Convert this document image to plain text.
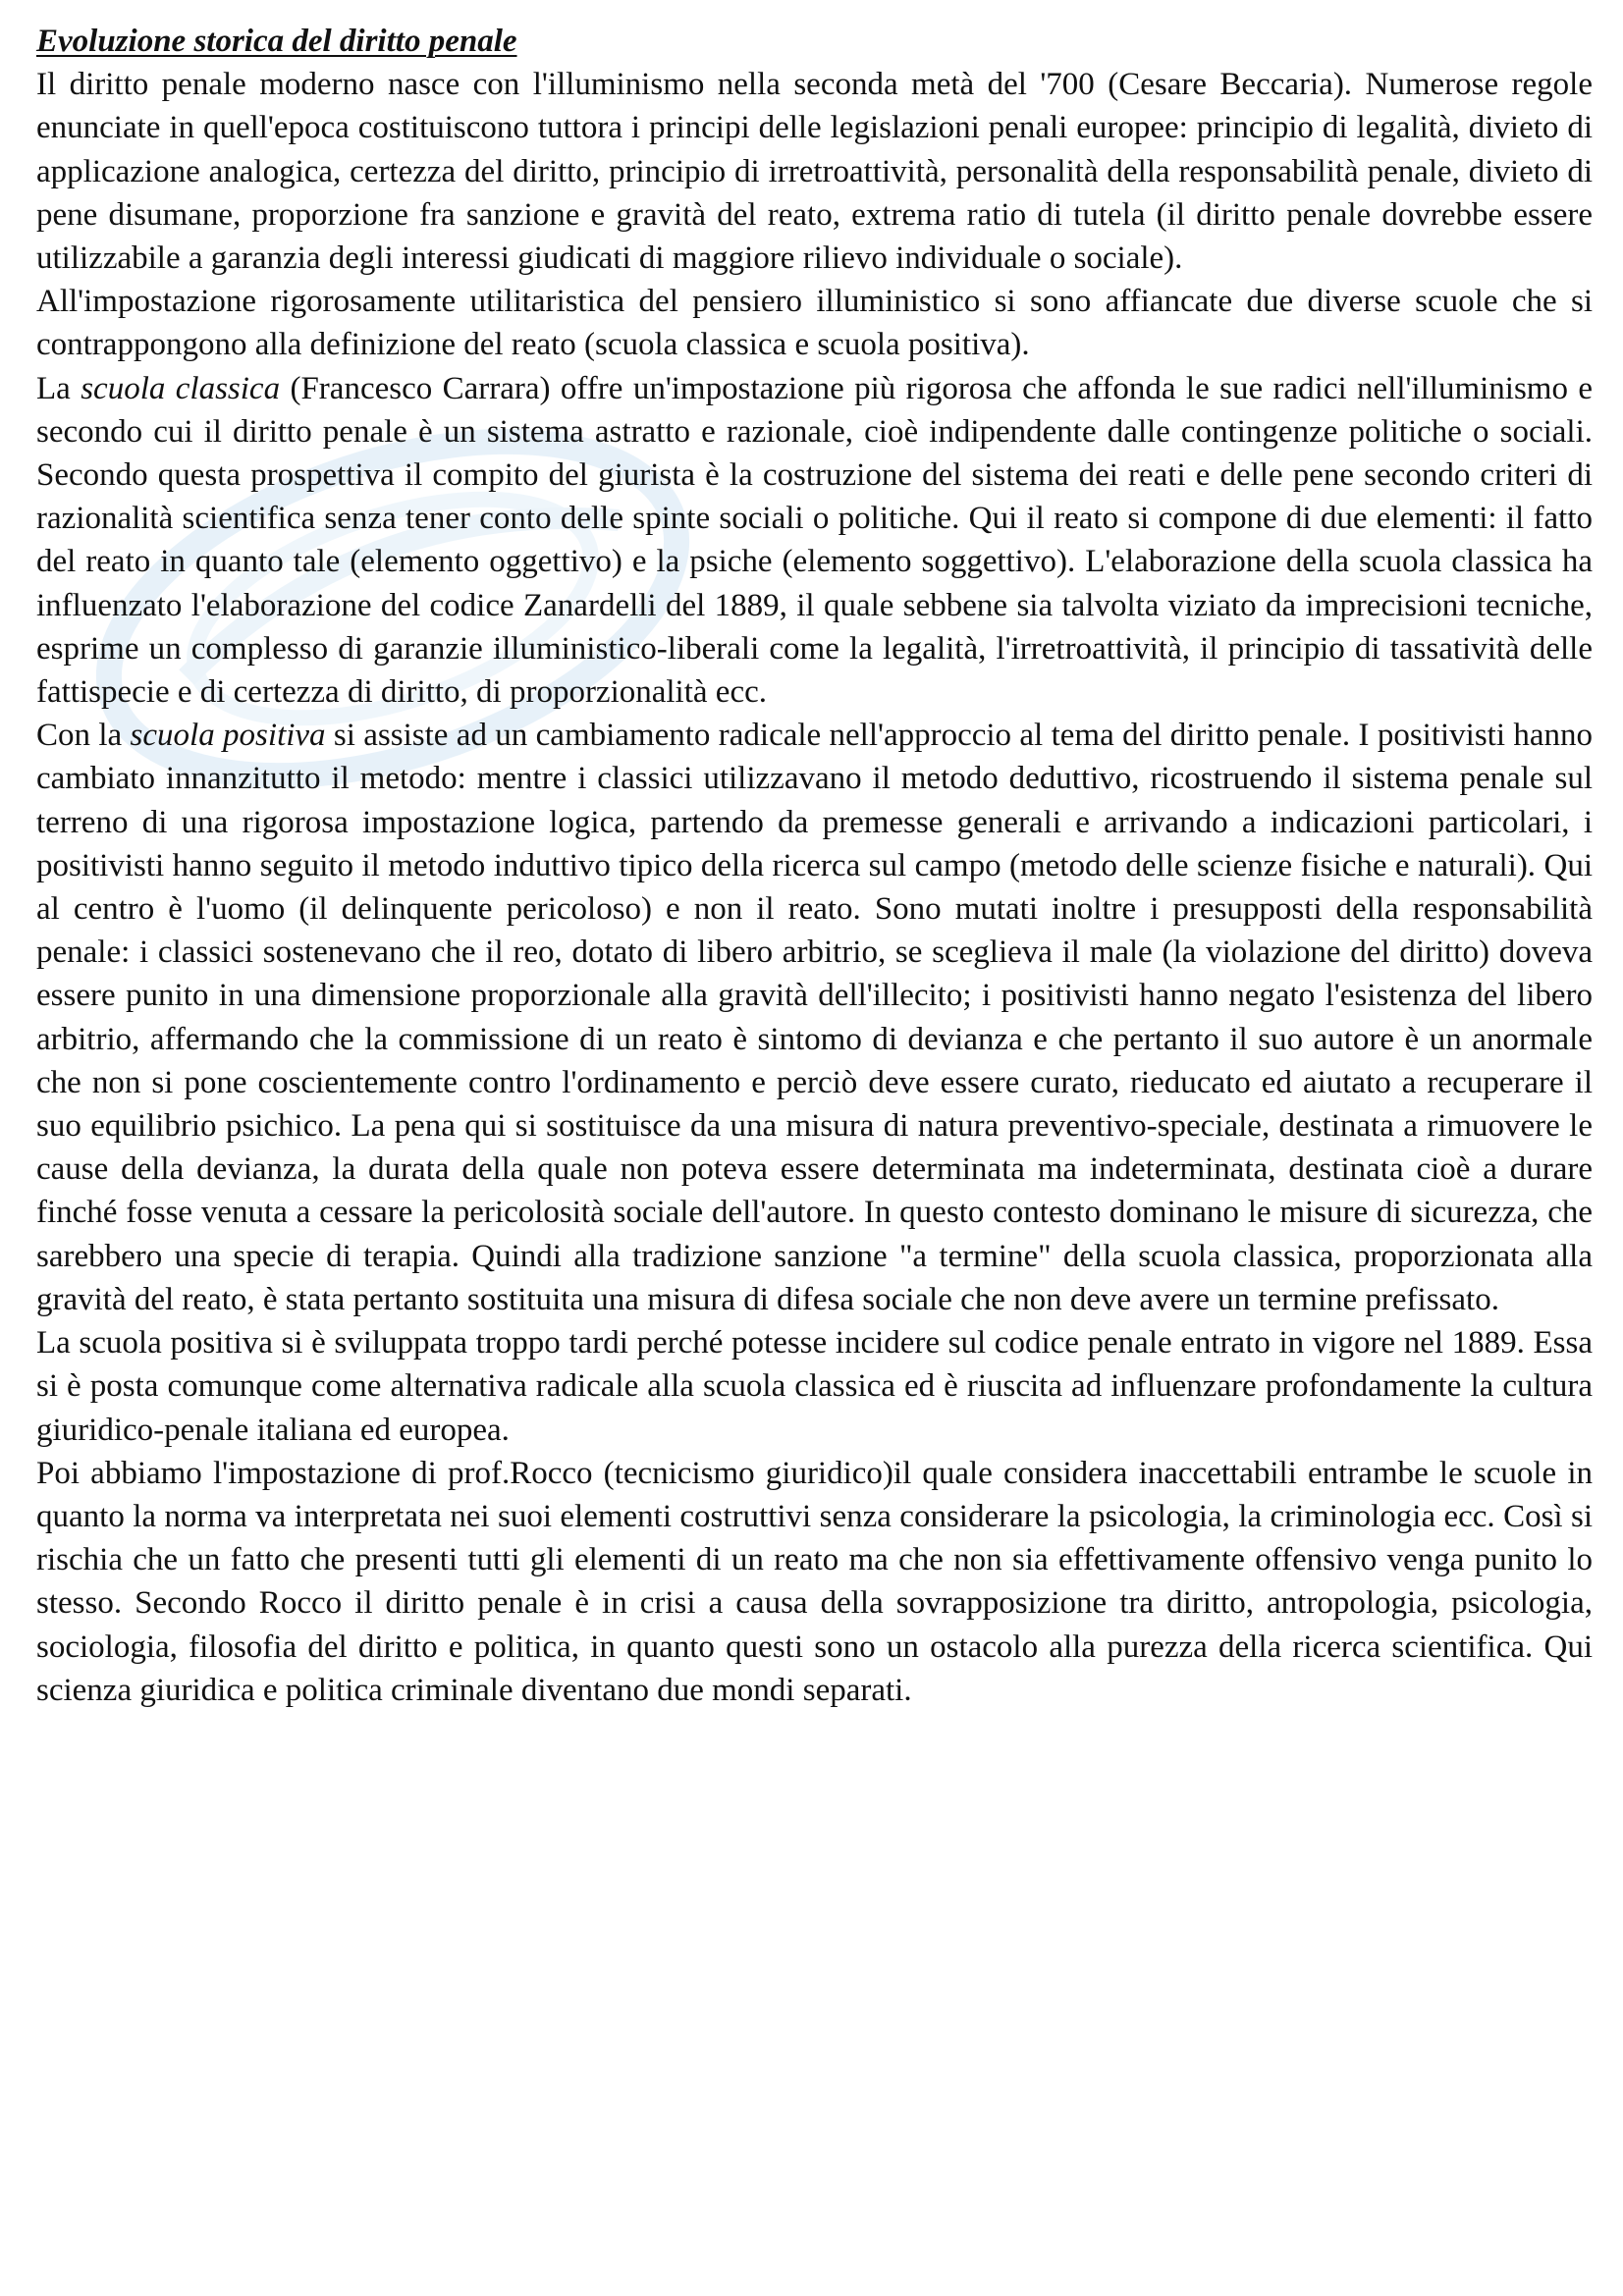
Evoluzione storica del diritto penale

Il diritto penale moderno nasce con l'illuminismo nella seconda metà del '700 (Cesare Beccaria). Numerose regole enunciate in quell'epoca costituiscono tuttora i principi delle legislazioni penali europee: principio di legalità, divieto di applicazione analogica, certezza del diritto, principio di irretroattività, personalità della responsabilità penale, divieto di pene disumane, proporzione fra sanzione e gravità del reato, extrema ratio di tutela (il diritto penale dovrebbe essere utilizzabile a garanzia degli interessi giudicati di maggiore rilievo individuale o sociale).

All'impostazione rigorosamente utilitaristica del pensiero illuministico si sono affiancate due diverse scuole che si contrappongono alla definizione del reato (scuola classica e scuola positiva).

La scuola classica (Francesco Carrara) offre un'impostazione più rigorosa che affonda le sue radici nell'illuminismo e secondo cui il diritto penale è un sistema astratto e razionale, cioè indipendente dalle contingenze politiche o sociali. Secondo questa prospettiva il compito del giurista è la costruzione del sistema dei reati e delle pene secondo criteri di razionalità scientifica senza tener conto delle spinte sociali o politiche. Qui il reato si compone di due elementi: il fatto del reato in quanto tale (elemento oggettivo) e la psiche (elemento soggettivo). L'elaborazione della scuola classica ha influenzato l'elaborazione del codice Zanardelli del 1889, il quale sebbene sia talvolta viziato da imprecisioni tecniche, esprime un complesso di garanzie illuministico-liberali come la legalità, l'irretroattività, il principio di tassatività delle fattispecie e di certezza di diritto, di proporzionalità ecc.

Con la scuola positiva si assiste ad un cambiamento radicale nell'approccio al tema del diritto penale. I positivisti hanno cambiato innanzitutto il metodo: mentre i classici utilizzavano il metodo deduttivo, ricostruendo il sistema penale sul terreno di una rigorosa impostazione logica, partendo da premesse generali e arrivando a indicazioni particolari, i positivisti hanno seguito il metodo induttivo tipico della ricerca sul campo (metodo delle scienze fisiche e naturali). Qui al centro è l'uomo (il delinquente pericoloso) e non il reato. Sono mutati inoltre i presupposti della responsabilità penale: i classici sostenevano che il reo, dotato di libero arbitrio, se sceglieva il male (la violazione del diritto) doveva essere punito in una dimensione proporzionale alla gravità dell'illecito; i positivisti hanno negato l'esistenza del libero arbitrio, affermando che la commissione di un reato è sintomo di devianza e che pertanto il suo autore è un anormale che non si pone coscientemente contro l'ordinamento e perciò deve essere curato, rieducato ed aiutato a recuperare il suo equilibrio psichico. La pena qui si sostituisce da una misura di natura preventivo-speciale, destinata a rimuovere le cause della devianza, la durata della quale non poteva essere determinata ma indeterminata, destinata cioè a durare finché fosse venuta a cessare la pericolosità sociale dell'autore. In questo contesto dominano le misure di sicurezza, che sarebbero una specie di terapia. Quindi alla tradizione sanzione "a termine" della scuola classica, proporzionata alla gravità del reato, è stata pertanto sostituita una misura di difesa sociale che non deve avere un termine prefissato.

La scuola positiva si è sviluppata troppo tardi perché potesse incidere sul codice penale entrato in vigore nel 1889. Essa si è posta comunque come alternativa radicale alla scuola classica ed è riuscita ad influenzare profondamente la cultura giuridico-penale italiana ed europea.

Poi abbiamo l'impostazione di prof.Rocco (tecnicismo giuridico)il quale considera inaccettabili entrambe le scuole in quanto la norma va interpretata nei suoi elementi costruttivi senza considerare la psicologia, la criminologia ecc. Così si rischia che un fatto che presenti tutti gli elementi di un reato ma che non sia effettivamente offensivo venga punito lo stesso. Secondo Rocco il diritto penale è in crisi a causa della sovrapposizione tra diritto, antropologia, psicologia, sociologia, filosofia del diritto e politica, in quanto questi sono un ostacolo alla purezza della ricerca scientifica. Qui scienza giuridica e politica criminale diventano due mondi separati.
